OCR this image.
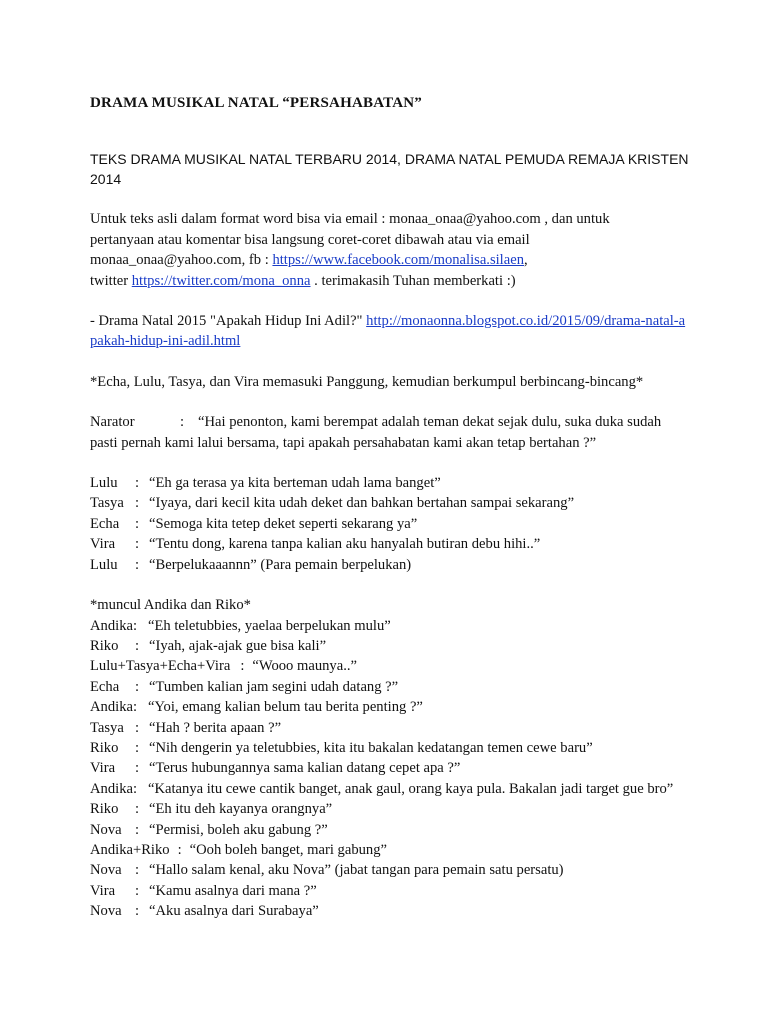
DRAMA MUSIKAL NATAL “PERSAHABATAN”
TEKS DRAMA MUSIKAL NATAL TERBARU 2014, DRAMA NATAL PEMUDA REMAJA KRISTEN 2014

Untuk teks asli dalam format word bisa via email : monaa_onaa@yahoo.com , dan untuk

pertanyaan atau komentar bisa langsung coret-coret dibawah atau via email

monaa_onaa@yahoo.com, fb : https://www.facebook.com/monalisa.silaen,

twitter https://twitter.com/mona_onna . terimakasih Tuhan memberkati :)

- Drama Natal 2015 "Apakah Hidup Ini Adil?" http://monaonna.blogspot.co.id/2015/09/drama-natal-apakah-hidup-ini-adil.html
*Echa, Lulu, Tasya, dan Vira memasuki Panggung, kemudian berkumpul berbincang-bincang*
Narator	: “Hai penonton, kami berempat adalah teman dekat sejak dulu, suka duka sudah pasti pernah kami lalui bersama, tapi apakah persahabatan kami akan tetap bertahan ?”
Lulu : “Eh ga terasa ya kita berteman udah lama banget”
Tasya : “Iyaya, dari kecil kita udah deket dan bahkan bertahan sampai sekarang”
Echa : “Semoga kita tetep deket seperti sekarang ya”
Vira : “Tentu dong, karena tanpa kalian aku hanyalah butiran debu hihi..”
Lulu : “Berpelukaaannn” (Para pemain berpelukan)
*muncul Andika dan Riko*
Andika: “Eh teletubbies, yaelaa berpelukan mulu”
Riko : “Iyah, ajak-ajak gue bisa kali”
Lulu+Tasya+Echa+Vira : “Wooo maunya..”
Echa : “Tumben kalian jam segini udah datang ?”
Andika: “Yoi, emang kalian belum tau berita penting ?”
Tasya : “Hah ? berita apaan ?”
Riko : “Nih dengerin ya teletubbies, kita itu bakalan kedatangan temen cewe baru”
Vira : “Terus hubungannya sama kalian datang cepet apa ?”
Andika: “Katanya itu cewe cantik banget, anak gaul, orang kaya pula. Bakalan jadi target gue bro”
Riko : “Eh itu deh kayanya orangnya”
Nova : “Permisi, boleh aku gabung ?”
Andika+Riko : “Ooh boleh banget, mari gabung”
Nova : “Hallo salam kenal, aku Nova” (jabat tangan para pemain satu persatu)
Vira : “Kamu asalnya dari mana ?”
Nova : “Aku asalnya dari Surabaya”
